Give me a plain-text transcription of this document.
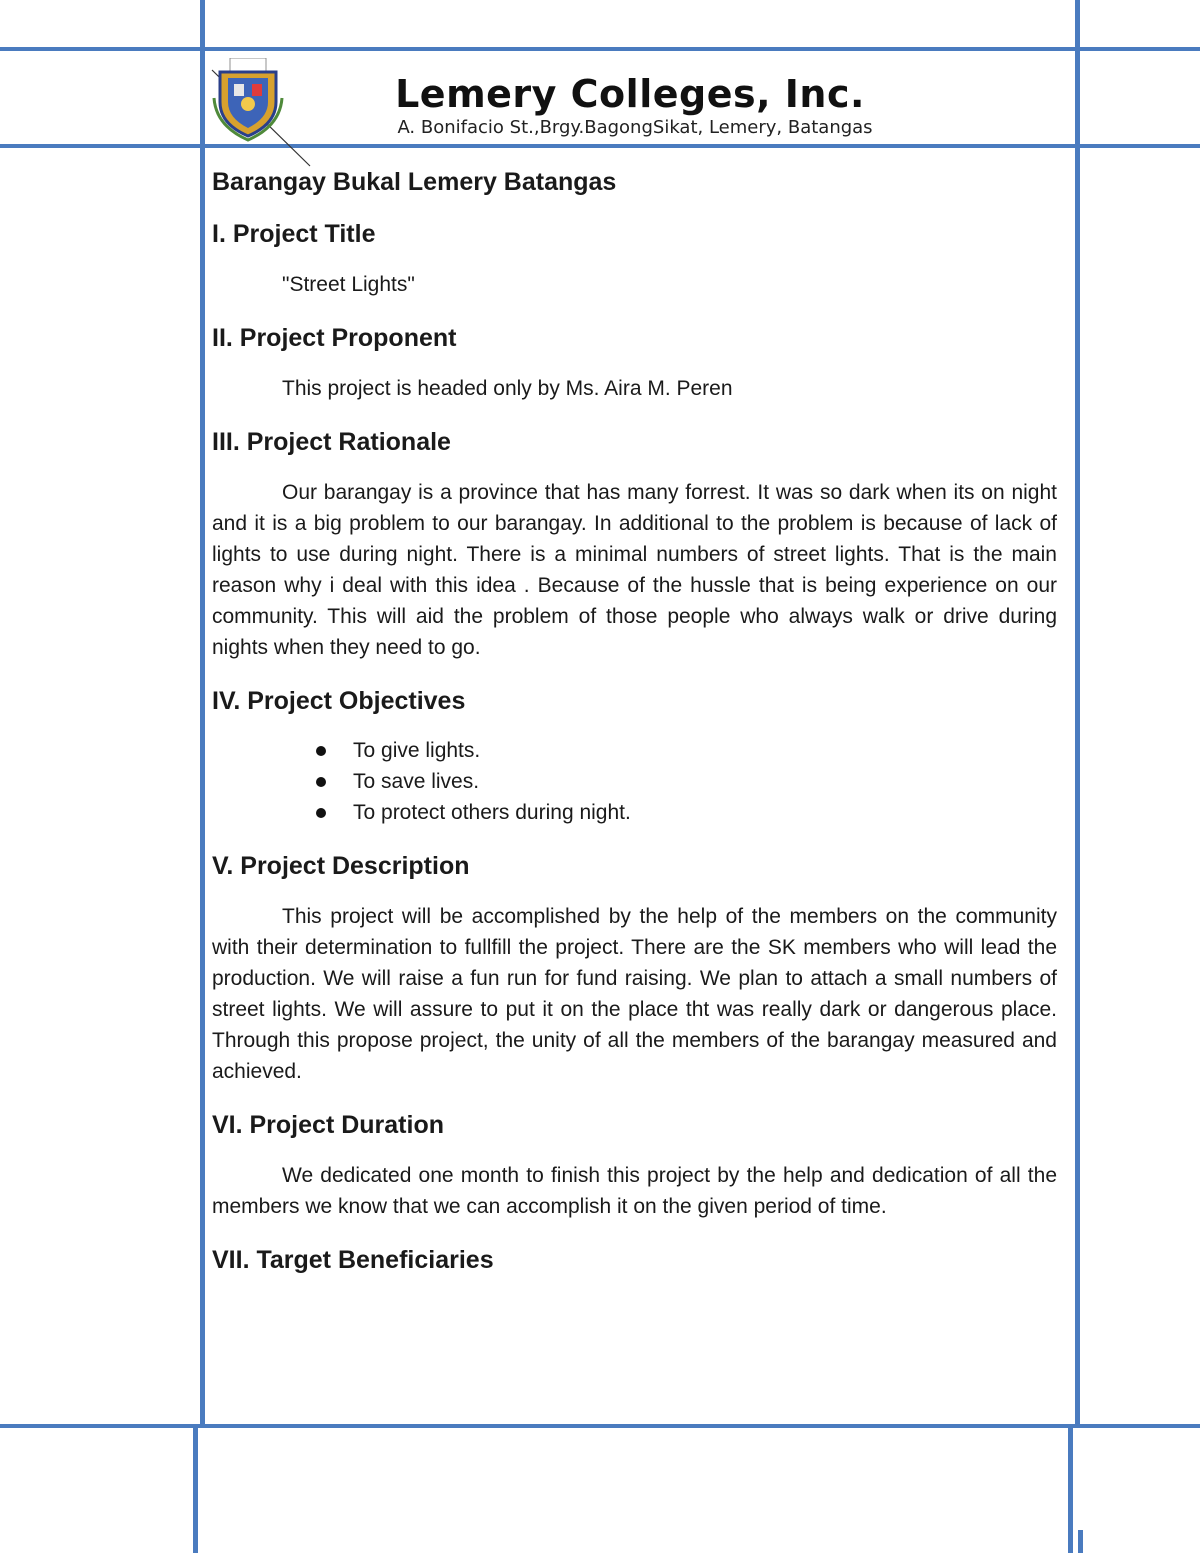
Lemery Colleges, Inc.
A. Bonifacio St.,Brgy.BagongSikat, Lemery, Batangas
Barangay Bukal Lemery Batangas
I. Project Title

"Street Lights"

II. Project Proponent

This project is headed only by Ms. Aira M. Peren

III. Project Rationale

Our barangay is a province that has many forrest. It was so dark when its on night and it is a big problem to our barangay. In additional to the problem is because of lack of lights to use during night. There is a minimal numbers of street lights. That is the main reason why i deal with this idea . Because of the hussle that is being experience on our community. This will aid the problem of those people who always walk or drive during nights when they need to go.

IV. Project Objectives
To give lights.
To save lives.
To protect others during night.
V. Project Description

This project will be accomplished by the help of the members on the community with their determination to fullfill the project. There are the SK members who will lead the production. We will raise a fun run for fund raising. We plan to attach a small numbers of street lights. We will assure to put it on the place tht was really dark or dangerous place. Through this propose project, the unity of all the members of the barangay measured and achieved.

VI. Project Duration

We dedicated one month to finish this project by the help and dedication of all the members we know that we can accomplish it on the given period of time.

VII. Target Beneficiaries
